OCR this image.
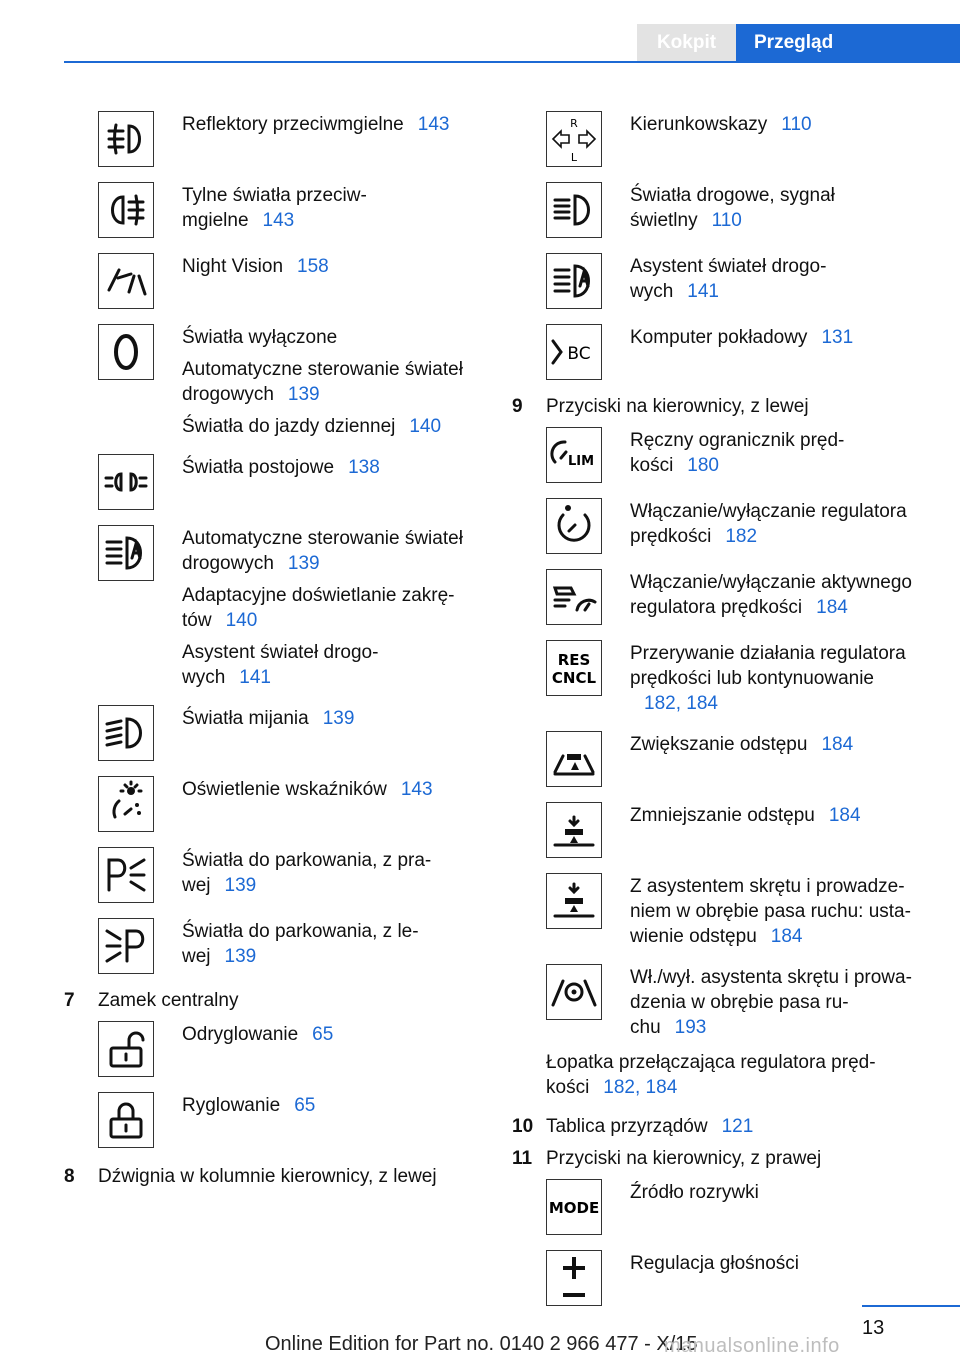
Kokpit	Przegląd

Reflektory przeciwmgielne 143

Tylne światła przeciw-
mgielne 143

Night Vision 158

Światła wyłączone

Automatyczne sterowanie świateł
drogowych 139

Światła do jazdy dziennej 140

Światła postojowe 138

Automatyczne sterowanie świateł
drogowych 139

Adaptacyjne doświetlanie zakrę-
tów 140

Asystent świateł drogo-
wych 141

Światła mijania 139

Oświetlenie wskaźników 143

Światła do parkowania, z pra-
wej 139

Światła do parkowania, z le-
wej 139

7	Zamek centralny

Odryglowanie 65

Ryglowanie 65

8	Dźwignia w kolumnie kierownicy, z lewej
R
L

Kierunkowskazy 110

Światła drogowe, sygnał
świetlny 110

Asystent świateł drogo-
wych 141

BC

Komputer pokładowy 131

9	Przyciski na kierownicy, z lewej
LIM

Ręczny ogranicznik pręd-
kości 180

Włączanie/wyłączanie regulatora
prędkości 182

Włączanie/wyłączanie aktywnego
regulatora prędkości 184

RES
CNCL

Przerywanie działania regulatora
prędkości lub kontynuowanie
182, 184

Zwiększanie odstępu 184

Zmniejszanie odstępu 184

Z asystentem skrętu i prowadze-
niem w obrębie pasa ruchu: usta-
wienie odstępu 184

Wł./wył. asystenta skrętu i prowa-
dzenia w obrębie pasa ru-
chu 193

Łopatka przełączająca regulatora pręd-
kości 182, 184
10 Tablica przyrządów 121
11 Przyciski na kierownicy, z prawej
MODE

Źródło rozrywki

Regulacja głośności

13
Online Edition for Part no. 0140 2 966 477 - X/15
manualsonline.info
